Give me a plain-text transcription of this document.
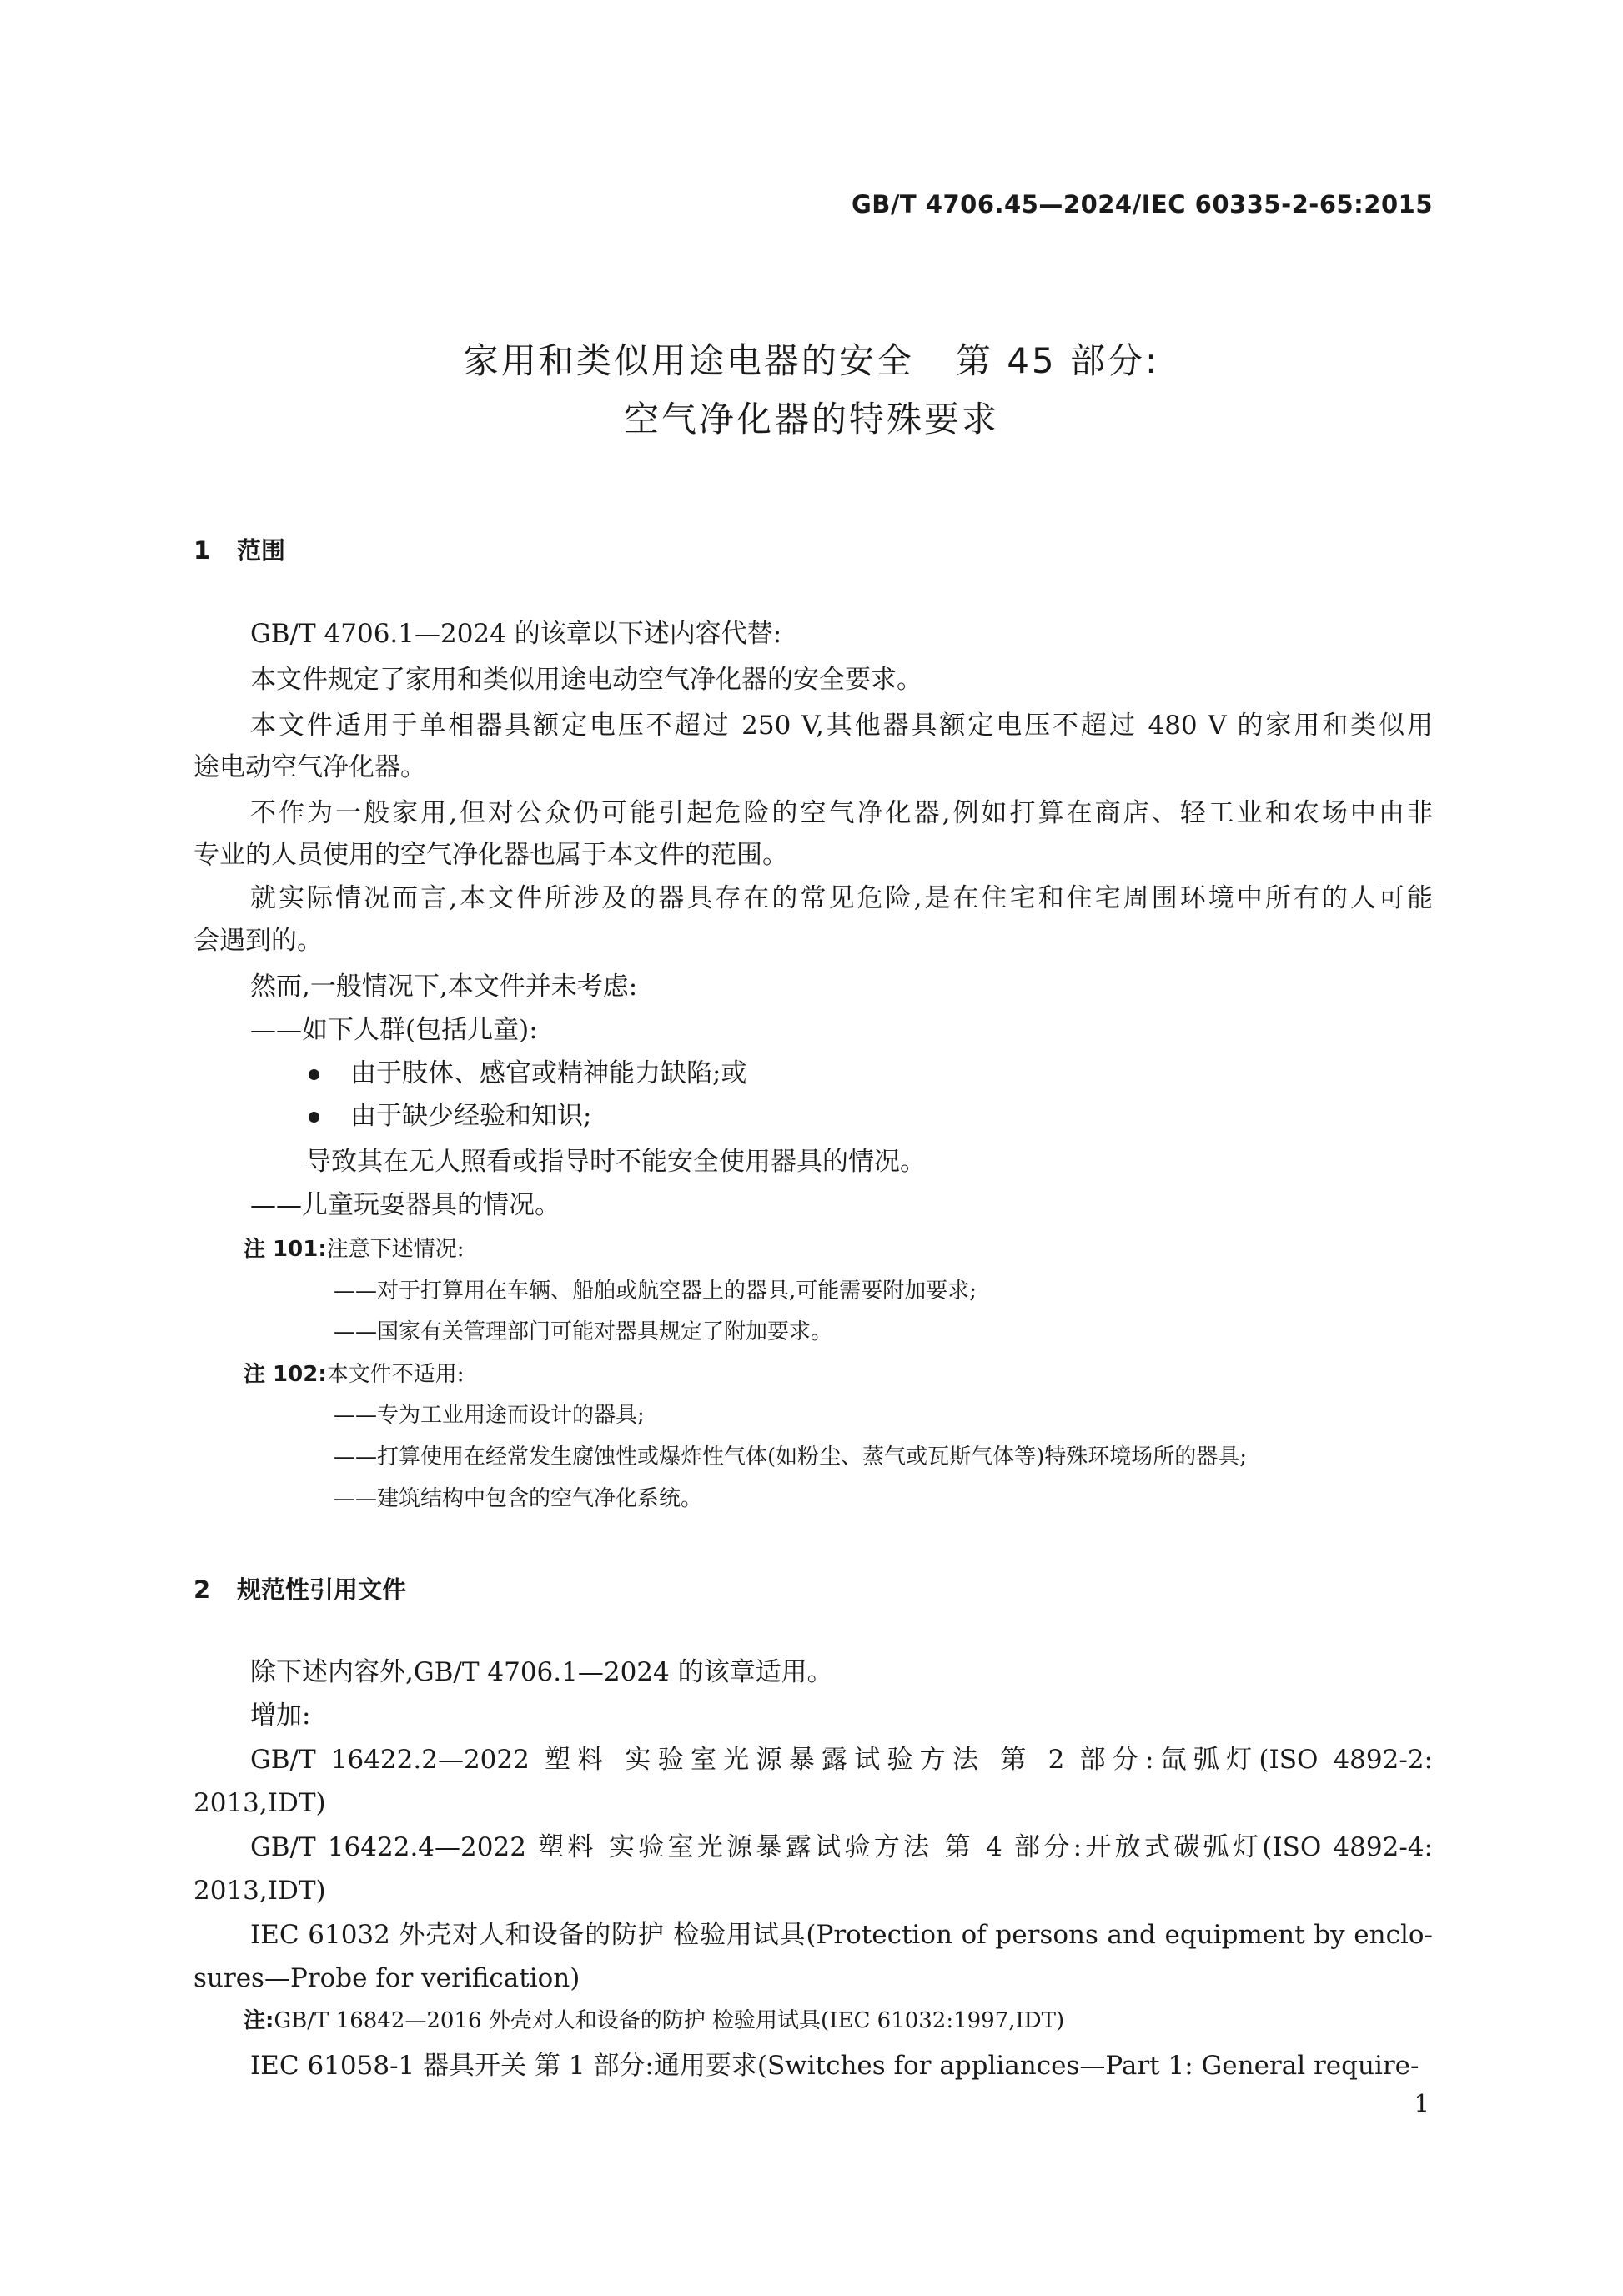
GB/T 4706.45—2024/IEC 60335-2-65:2015
家用和类似用途电器的安全 第 45 部分:
空气净化器的特殊要求
1 范围
GB/T 4706.1—2024 的该章以下述内容代替:
本文件规定了家用和类似用途电动空气净化器的安全要求。
本文件适用于单相器具额定电压不超过 250 V,其他器具额定电压不超过 480 V 的家用和类似用
途电动空气净化器。
不作为一般家用,但对公众仍可能引起危险的空气净化器,例如打算在商店、轻工业和农场中由非
专业的人员使用的空气净化器也属于本文件的范围。
就实际情况而言,本文件所涉及的器具存在的常见危险,是在住宅和住宅周围环境中所有的人可能
会遇到的。
然而,一般情况下,本文件并未考虑:
——如下人群(包括儿童):
由于肢体、感官或精神能力缺陷;或
由于缺少经验和知识;
导致其在无人照看或指导时不能安全使用器具的情况。
——儿童玩耍器具的情况。
注 101:注意下述情况:
——对于打算用在车辆、船舶或航空器上的器具,可能需要附加要求;
——国家有关管理部门可能对器具规定了附加要求。
注 102:本文件不适用:
——专为工业用途而设计的器具;
——打算使用在经常发生腐蚀性或爆炸性气体(如粉尘、蒸气或瓦斯气体等)特殊环境场所的器具;
——建筑结构中包含的空气净化系统。
2 规范性引用文件
除下述内容外,GB/T 4706.1—2024 的该章适用。
增加:
GB/T 16422.2—2022 塑料 实验室光源暴露试验方法 第 2 部分:氙弧灯(ISO 4892-2:
2013,IDT)
GB/T 16422.4—2022 塑料 实验室光源暴露试验方法 第 4 部分:开放式碳弧灯(ISO 4892-4:
2013,IDT)
IEC 61032 外壳对人和设备的防护 检验用试具(Protection of persons and equipment by enclo-
sures—Probe for verification)
注:GB/T 16842—2016 外壳对人和设备的防护 检验用试具(IEC 61032:1997,IDT)
IEC 61058-1 器具开关 第 1 部分:通用要求(Switches for appliances—Part 1: General require-
1
